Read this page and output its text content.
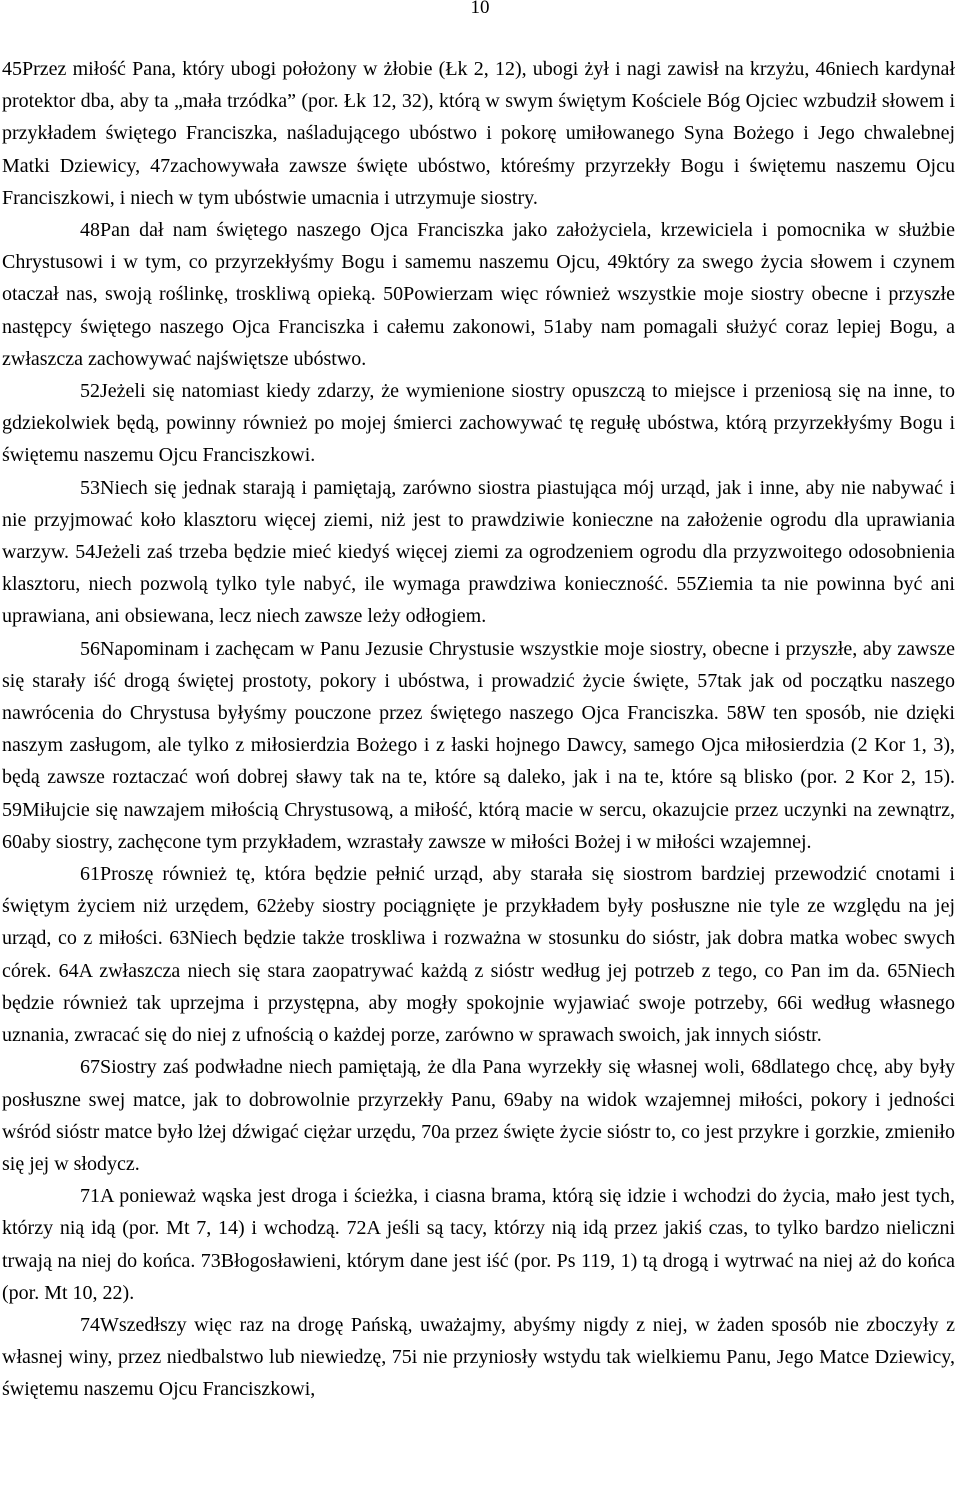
10

45Przez miłość Pana, który ubogi położony w żłobie (Łk 2, 12), ubogi żył i nagi zawisł na krzyżu, 46niech kardynał protektor dba, aby ta „mała trzódka” (por. Łk 12, 32), którą w swym świętym Kościele Bóg Ojciec wzbudził słowem i przykładem świętego Franciszka, naśladującego ubóstwo i pokorę umiłowanego Syna Bożego i Jego chwalebnej Matki Dziewicy, 47zachowywała zawsze święte ubóstwo, któreśmy przyrzekły Bogu i świętemu naszemu Ojcu Franciszkowi, i niech w tym ubóstwie umacnia i utrzymuje siostry.

48Pan dał nam świętego naszego Ojca Franciszka jako założyciela, krzewiciela i pomocnika w służbie Chrystusowi i w tym, co przyrzekłyśmy Bogu i samemu naszemu Ojcu, 49który za swego życia słowem i czynem otaczał nas, swoją roślinkę, troskliwą opieką. 50Powierzam więc również wszystkie moje siostry obecne i przyszłe następcy świętego naszego Ojca Franciszka i całemu zakonowi, 51aby nam pomagali służyć coraz lepiej Bogu, a zwłaszcza zachowywać najświętsze ubóstwo.

52Jeżeli się natomiast kiedy zdarzy, że wymienione siostry opuszczą to miejsce i przeniosą się na inne, to gdziekolwiek będą, powinny również po mojej śmierci zachowywać tę regułę ubóstwa, którą przyrzekłyśmy Bogu i świętemu naszemu Ojcu Franciszkowi.

53Niech się jednak starają i pamiętają, zarówno siostra piastująca mój urząd, jak i inne, aby nie nabywać i nie przyjmować koło klasztoru więcej ziemi, niż jest to prawdziwie konieczne na założenie ogrodu dla uprawiania warzyw. 54Jeżeli zaś trzeba będzie mieć kiedyś więcej ziemi za ogrodzeniem ogrodu dla przyzwoitego odosobnienia klasztoru, niech pozwolą tylko tyle nabyć, ile wymaga prawdziwa konieczność. 55Ziemia ta nie powinna być ani uprawiana, ani obsiewana, lecz niech zawsze leży odłogiem.

56Napominam i zachęcam w Panu Jezusie Chrystusie wszystkie moje siostry, obecne i przyszłe, aby zawsze się starały iść drogą świętej prostoty, pokory i ubóstwa, i prowadzić życie święte, 57tak jak od początku naszego nawrócenia do Chrystusa byłyśmy pouczone przez świętego naszego Ojca Franciszka. 58W ten sposób, nie dzięki naszym zasługom, ale tylko z miłosierdzia Bożego i z łaski hojnego Dawcy, samego Ojca miłosierdzia (2 Kor 1, 3), będą zawsze roztaczać woń dobrej sławy tak na te, które są daleko, jak i na te, które są blisko (por. 2 Kor 2, 15). 59Miłujcie się nawzajem miłością Chrystusową, a miłość, którą macie w sercu, okazujcie przez uczynki na zewnątrz, 60aby siostry, zachęcone tym przykładem, wzrastały zawsze w miłości Bożej i w miłości wzajemnej.

61Proszę również tę, która będzie pełnić urząd, aby starała się siostrom bardziej przewodzić cnotami i świętym życiem niż urzędem, 62żeby siostry pociągnięte je przykładem były posłuszne nie tyle ze względu na jej urząd, co z miłości. 63Niech będzie także troskliwa i rozważna w stosunku do sióstr, jak dobra matka wobec swych córek. 64A zwłaszcza niech się stara zaopatrywać każdą z sióstr według jej potrzeb z tego, co Pan im da. 65Niech będzie również tak uprzejma i przystępna, aby mogły spokojnie wyjawiać swoje potrzeby, 66i według własnego uznania, zwracać się do niej z ufnością o każdej porze, zarówno w sprawach swoich, jak innych sióstr.

67Siostry zaś podwładne niech pamiętają, że dla Pana wyrzekły się własnej woli, 68dlatego chcę, aby były posłuszne swej matce, jak to dobrowolnie przyrzekły Panu, 69aby na widok wzajemnej miłości, pokory i jedności wśród sióstr matce było lżej dźwigać ciężar urzędu, 70a przez święte życie sióstr to, co jest przykre i gorzkie, zmieniło się jej w słodycz.

71A ponieważ wąska jest droga i ścieżka, i ciasna brama, którą się idzie i wchodzi do życia, mało jest tych, którzy nią idą (por. Mt 7, 14) i wchodzą. 72A jeśli są tacy, którzy nią idą przez jakiś czas, to tylko bardzo nieliczni trwają na niej do końca. 73Błogosławieni, którym dane jest iść (por. Ps 119, 1) tą drogą i wytrwać na niej aż do końca (por. Mt 10, 22).

74Wszedłszy więc raz na drogę Pańską, uważajmy, abyśmy nigdy z niej, w żaden sposób nie zboczyły z własnej winy, przez niedbalstwo lub niewiedzę, 75i nie przyniosły wstydu tak wielkiemu Panu, Jego Matce Dziewicy, świętemu naszemu Ojcu Franciszkowi,
